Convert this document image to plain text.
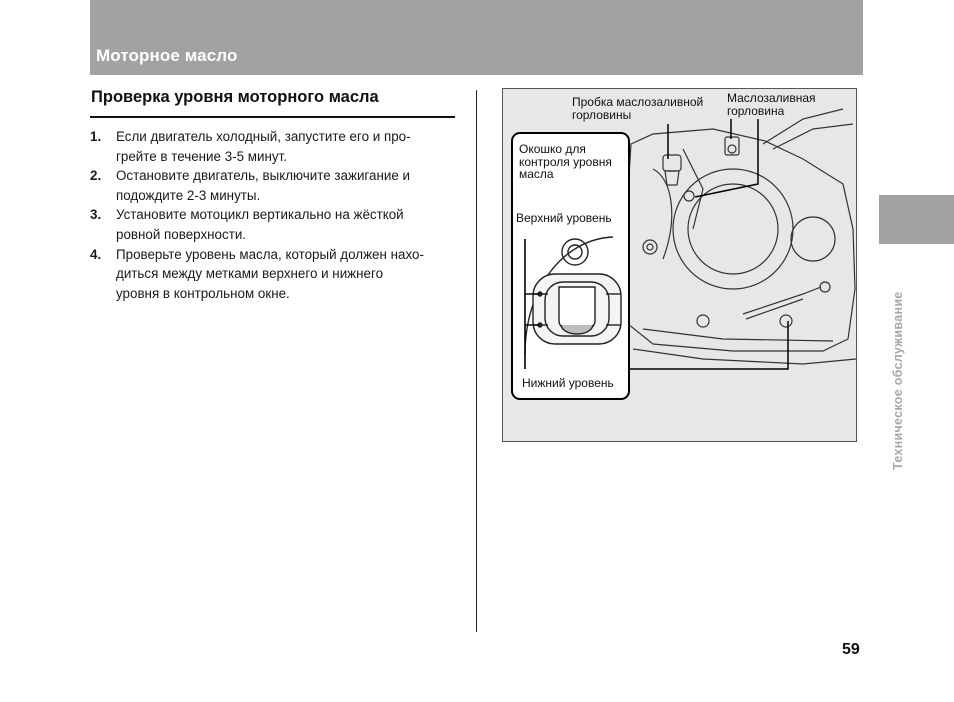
Моторное масло
Проверка уровня моторного масла
1. Если двигатель холодный, запустите его и про-
грейте в течение 3-5 минут.
2. Остановите двигатель, выключите зажигание и
подождите 2-3 минуты.
3. Установите мотоцикл вертикально на жёсткой
ровной поверхности.
4. Проверьте уровень масла, который должен нахо-
диться между метками верхнего и нижнего
уровня в контрольном окне.
Пробка маслозаливной
горловины
Маслозаливная
горловина
Окошко для
контроля уровня
масла
Верхний уровень
Нижний уровень	Техническое обслуживание
59
